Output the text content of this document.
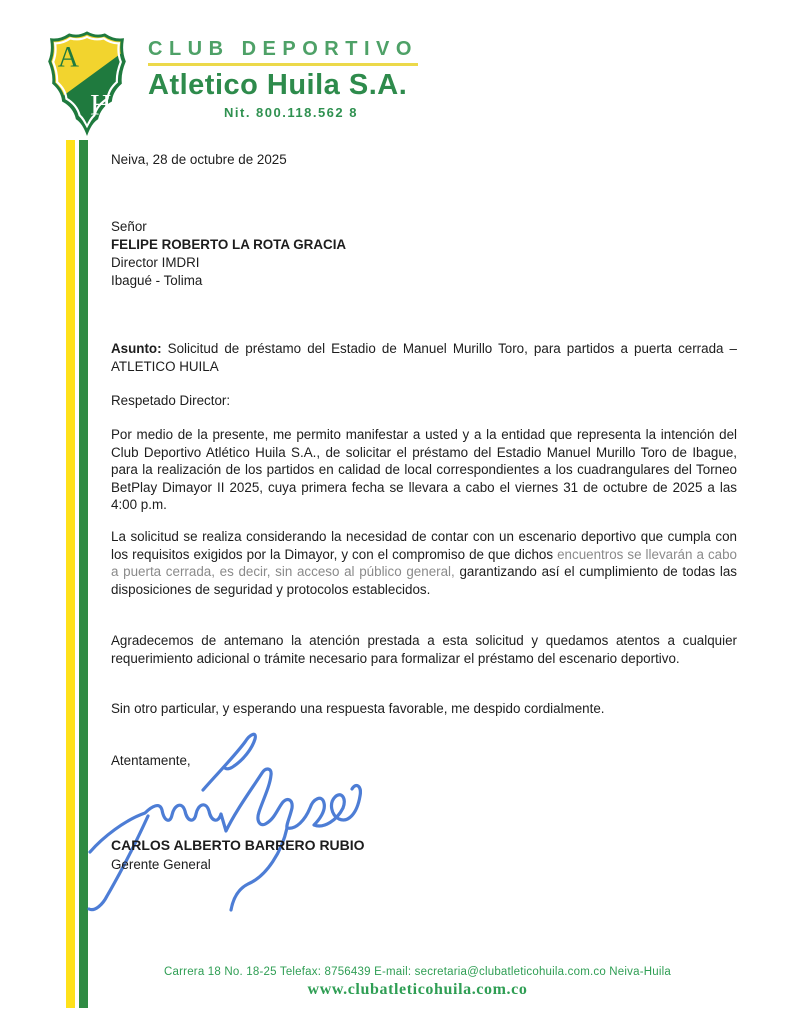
A
H
CLUB DEPORTIVO
Atletico Huila S.A.
Nit. 800.118.562 8

Neiva, 28 de octubre de 2025

Señor
FELIPE ROBERTO LA ROTA GRACIA
Director IMDRI
Ibagué - Tolima

Asunto: Solicitud de préstamo del Estadio de Manuel Murillo Toro, para partidos a puerta cerrada – ATLETICO HUILA

Respetado Director:

Por medio de la presente, me permito manifestar a usted y a la entidad que representa la intención del Club Deportivo Atlético Huila S.A., de solicitar el préstamo del Estadio Manuel Murillo Toro de Ibague, para la realización de los partidos en calidad de local correspondientes a los cuadrangulares del Torneo BetPlay Dimayor II 2025, cuya primera fecha se llevara a cabo el viernes 31 de octubre de 2025 a las 4:00 p.m.

La solicitud se realiza considerando la necesidad de contar con un escenario deportivo que cumpla con los requisitos exigidos por la Dimayor, y con el compromiso de que dichos encuentros se llevarán a cabo a puerta cerrada, es decir, sin acceso al público general, garantizando así el cumplimiento de todas las disposiciones de seguridad y protocolos establecidos.

Agradecemos de antemano la atención prestada a esta solicitud y quedamos atentos a cualquier requerimiento adicional o trámite necesario para formalizar el préstamo del escenario deportivo.

Sin otro particular, y esperando una respuesta favorable, me despido cordialmente.

Atentamente,

CARLOS ALBERTO BARRERO RUBIO

Gerente General

Carrera 18 No. 18-25 Telefax: 8756439 E-mail: secretaria@clubatleticohuila.com.co Neiva-Huila
www.clubatleticohuila.com.co
